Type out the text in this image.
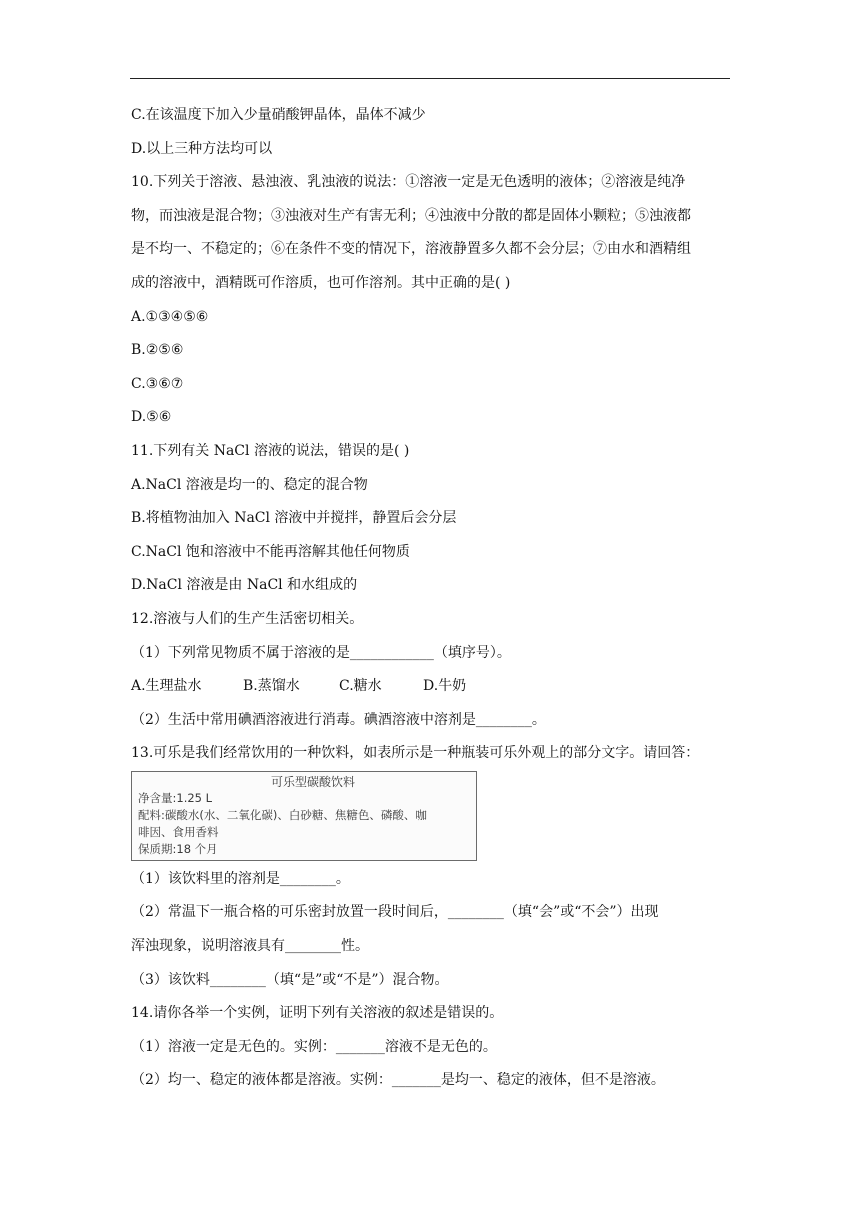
C.在该温度下加入少量硝酸钾晶体，晶体不减少
D.以上三种方法均可以
10.下列关于溶液、悬浊液、乳浊液的说法：①溶液一定是无色透明的液体；②溶液是纯净
物，而浊液是混合物；③浊液对生产有害无利；④浊液中分散的都是固体小颗粒；⑤浊液都
是不均一、不稳定的；⑥在条件不变的情况下，溶液静置多久都不会分层；⑦由水和酒精组
成的溶液中，酒精既可作溶质，也可作溶剂。其中正确的是( )
A.①③④⑤⑥
B.②⑤⑥
C.③⑥⑦
D.⑤⑥
11.下列有关 NaCl 溶液的说法，错误的是( )
A.NaCl 溶液是均一的、稳定的混合物
B.将植物油加入 NaCl 溶液中并搅拌，静置后会分层
C.NaCl 饱和溶液中不能再溶解其他任何物质
D.NaCl 溶液是由 NaCl 和水组成的
12.溶液与人们的生产生活密切相关。
（1）下列常见物质不属于溶液的是____________（填序号）。
A.生理盐水	B.蒸馏水	C.糖水	D.牛奶
（2）生活中常用碘酒溶液进行消毒。碘酒溶液中溶剂是________。
13.可乐是我们经常饮用的一种饮料，如表所示是一种瓶装可乐外观上的部分文字。请回答：
可乐型碳酸饮料
净含量:1.25 L
配料:碳酸水(水、二氧化碳)、白砂糖、焦糖色、磷酸、咖
啡因、食用香料
保质期:18 个月
（1）该饮料里的溶剂是________。
（2）常温下一瓶合格的可乐密封放置一段时间后，________（填“会”或“不会”）出现
浑浊现象，说明溶液具有________性。
（3）该饮料________（填“是”或“不是”）混合物。
14.请你各举一个实例，证明下列有关溶液的叙述是错误的。
（1）溶液一定是无色的。实例：_______溶液不是无色的。
（2）均一、稳定的液体都是溶液。实例：_______是均一、稳定的液体，但不是溶液。
